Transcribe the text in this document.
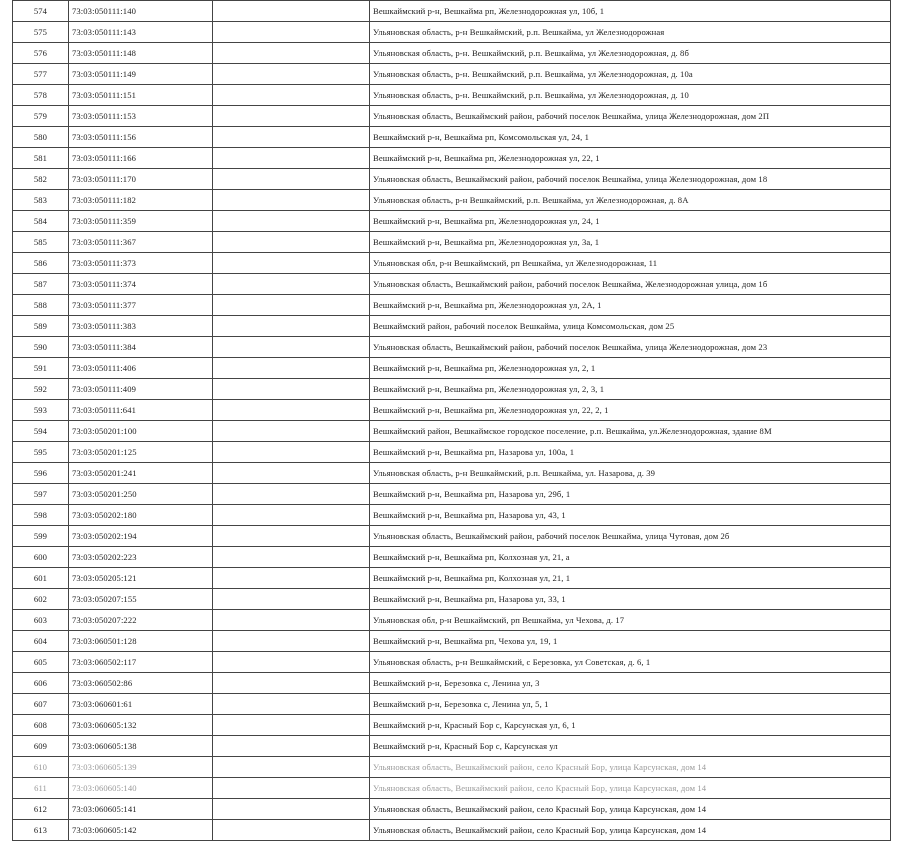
574	73:03:050111:140		Вешкаймский р-н, Вешкайма рп, Железнодорожная ул, 10б, 1
575	73:03:050111:143		Ульяновская область, р-н Вешкаймский, р.п. Вешкайма, ул Железнодорожная
576	73:03:050111:148		Ульяновская область, р-н. Вешкаймский, р.п. Вешкайма, ул Железнодорожная, д. 8б
577	73:03:050111:149		Ульяновская область, р-н. Вешкаймский, р.п. Вешкайма, ул Железнодорожная, д. 10а
578	73:03:050111:151		Ульяновская область, р-н. Вешкаймский, р.п. Вешкайма, ул Железнодорожная, д. 10
579	73:03:050111:153		Ульяновская область, Вешкаймский район, рабочий поселок Вешкайма, улица Железнодорожная, дом 2П
580	73:03:050111:156		Вешкаймский р-н, Вешкайма рп, Комсомольская ул, 24, 1
581	73:03:050111:166		Вешкаймский р-н, Вешкайма рп, Железнодорожная ул, 22, 1
582	73:03:050111:170		Ульяновская область, Вешкаймский район, рабочий поселок Вешкайма, улица Железнодорожная, дом 18
583	73:03:050111:182		Ульяновская область, р-н Вешкаймский, р.п. Вешкайма, ул Железнодорожная, д. 8А
584	73:03:050111:359		Вешкаймский р-н, Вешкайма рп, Железнодорожная ул, 24, 1
585	73:03:050111:367		Вешкаймский р-н, Вешкайма рп, Железнодорожная ул, 3а, 1
586	73:03:050111:373		Ульяновская обл, р-н Вешкаймский, рп Вешкайма, ул Железнодорожная, 11
587	73:03:050111:374		Ульяновская область, Вешкаймский район, рабочий поселок Вешкайма, Железнодорожная улица, дом 1б
588	73:03:050111:377		Вешкаймский р-н, Вешкайма рп, Железнодорожная ул, 2А, 1
589	73:03:050111:383		Вешкаймский район, рабочий поселок Вешкайма, улица Комсомольская, дом 25
590	73:03:050111:384		Ульяновская область, Вешкаймский район, рабочий поселок Вешкайма, улица Железнодорожная, дом 23
591	73:03:050111:406		Вешкаймский р-н, Вешкайма рп, Железнодорожная ул, 2, 1
592	73:03:050111:409		Вешкаймский р-н, Вешкайма рп, Железнодорожная ул, 2, 3, 1
593	73:03:050111:641		Вешкаймский р-н, Вешкайма рп, Железнодорожная ул, 22, 2, 1
594	73:03:050201:100		Вешкаймский район, Вешкаймское городское поселение, р.п. Вешкайма, ул.Железнодорожная, здание 8М
595	73:03:050201:125		Вешкаймский р-н, Вешкайма рп, Назарова ул, 100а, 1
596	73:03:050201:241		Ульяновская область, р-н Вешкаймский, р.п. Вешкайма, ул. Назарова, д. 39
597	73:03:050201:250		Вешкаймский р-н, Вешкайма рп, Назарова ул, 29б, 1
598	73:03:050202:180		Вешкаймский р-н, Вешкайма рп, Назарова ул, 43, 1
599	73:03:050202:194		Ульяновская область, Вешкаймский район, рабочий поселок Вешкайма, улица Чутовая, дом 2б
600	73:03:050202:223		Вешкаймский р-н, Вешкайма рп, Колхозная ул, 21, а
601	73:03:050205:121		Вешкаймский р-н, Вешкайма рп, Колхозная ул, 21, 1
602	73:03:050207:155		Вешкаймский р-н, Вешкайма рп, Назарова ул, 33, 1
603	73:03:050207:222		Ульяновская обл, р-н Вешкаймский, рп Вешкайма, ул Чехова, д. 17
604	73:03:060501:128		Вешкаймский р-н, Вешкайма рп, Чехова ул, 19, 1
605	73:03:060502:117		Ульяновская область, р-н Вешкаймский, с Березовка, ул Советская, д. 6, 1
606	73:03:060502:86		Вешкаймский р-н, Березовка с, Ленина ул, 3
607	73:03:060601:61		Вешкаймский р-н, Березовка с, Ленина ул, 5, 1
608	73:03:060605:132		Вешкаймский р-н, Красный Бор с, Карсунская ул, 6, 1
609	73:03:060605:138		Вешкаймский р-н, Красный Бор с, Карсунская ул
610	73:03:060605:139		Ульяновская область, Вешкаймский район, село Красный Бор, улица Карсунская, дом 14
611	73:03:060605:140		Ульяновская область, Вешкаймский район, село Красный Бор, улица Карсунская, дом 14
612	73:03:060605:141		Ульяновская область, Вешкаймский район, село Красный Бор, улица Карсунская, дом 14
613	73:03:060605:142		Ульяновская область, Вешкаймский район, село Красный Бор, улица Карсунская, дом 14
